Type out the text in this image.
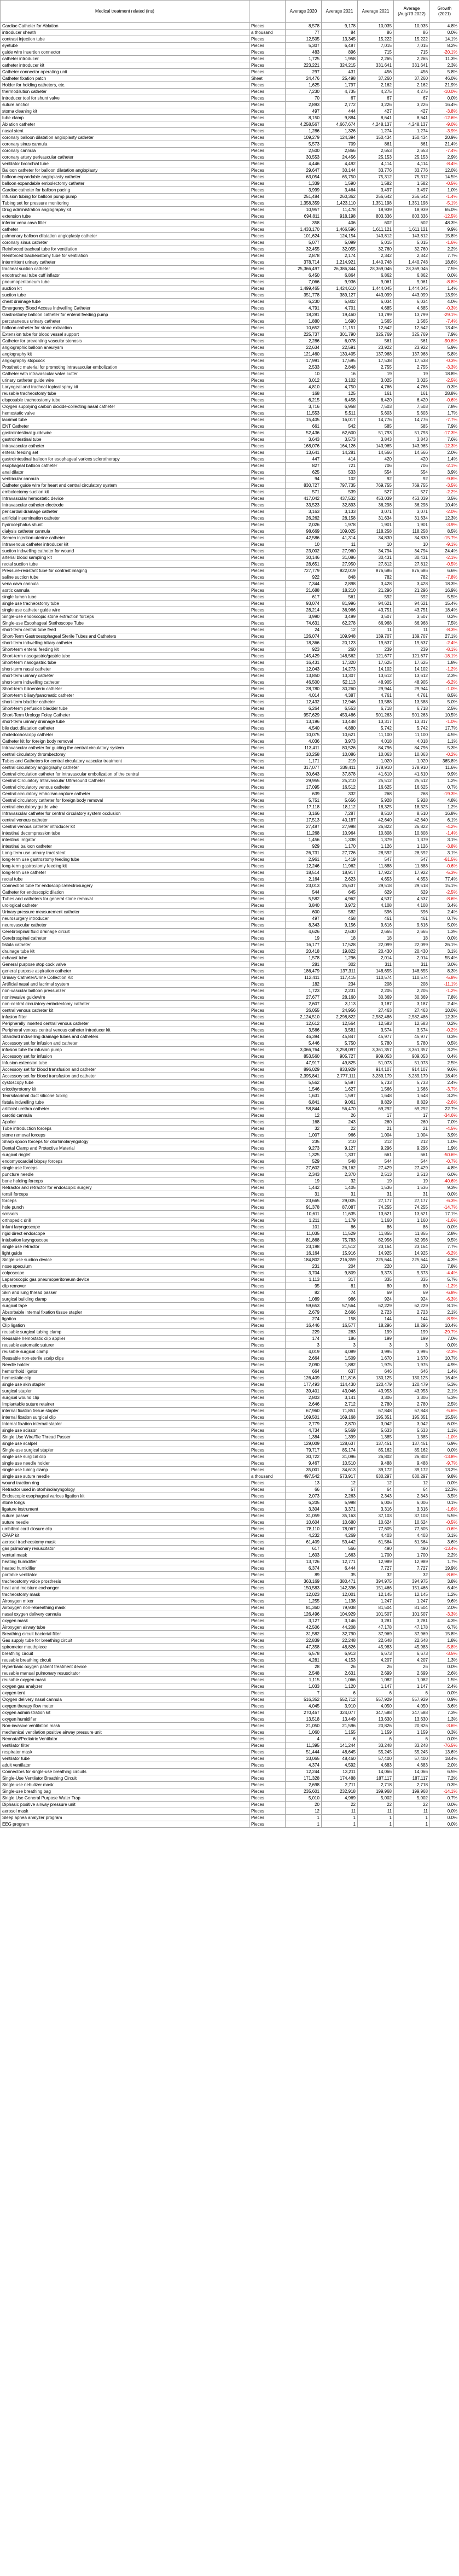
Medical treatment related (ins)		Average 2020	Average 2021	Average 2021	Average (Aug/73 2022)	Growth (2021)
Cardiac Catheter for Ablation	Pieces	8,578	9,178	10,035	10,035	4.8%
introducer sheath	a thousand	77	84	86	86	0.0%
contrast injection tube	Pieces	12,505	13,345	15,222	15,222	14.1%
eyetube	Pieces	5,307	6,487	7,015	7,015	8.2%
guide wire insertion connector	Pieces	483	896	715	715	-20.1%
catheter introducer	Pieces	1,725	1,958	2,265	2,265	11.3%
catheter introducer kit	Pieces	223,221	324,215	331,641	331,641	2.3%
Catheter connector operating unit	Pieces	297	431	456	456	5.8%
Catheter fixation patch	Sheet	24,476	25,498	37,260	37,260	46.0%
Holder for holding catheters, etc.	Pieces	1,625	1,797	2,162	2,162	21.9%
thermodilution catheter	Pieces	7,230	4,735	4,275	4,275	-10.0%
introducer tool for shunt valve	Pieces	70	67	67	67	0.0%
suture anchor	Pieces	2,893	2,772	3,226	3,226	16.4%
stoma cleaning kit	Pieces	497	444	427	427	-3.8%
tube clamp	Pieces	8,150	9,884	8,641	8,641	-12.6%
Ablation catheter	Pieces	4,258,567	4,667,674	4,248,137	4,248,137	-9.0%
nasal stent	Pieces	1,286	1,326	1,274	1,274	-3.9%
coronary balloon dilatation angioplasty catheter	Pieces	109,279	124,394	150,434	150,434	20.9%
coronary sinus cannula	Pieces	5,573	709	861	861	21.4%
coronary cannula	Pieces	2,500	2,866	2,653	2,653	-7.4%
coronary artery perivascular catheter	Pieces	30,553	24,456	25,153	25,153	2.9%
ventilator bronchial tube	Pieces	4,446	4,492	4,114	4,114	-8.4%
Balloon catheter for balloon dilatation angioplasty	Pieces	29,647	30,144	33,776	33,776	12.0%
balloon expandable angioplasty catheter	Pieces	63,054	65,750	75,312	75,312	14.5%
balloon expandable embolectomy catheter	Pieces	1,339	1,590	1,582	1,582	-0.5%
Cardiac catheter for balloon pacing	Pieces	3,999	3,464	3,497	3,497	1.0%
Infusion tubing for balloon pump pump	Pieces	251,484	260,362	256,642	256,642	-1.4%
Tubing set for pressure monitoring	Pieces	1,358,359	1,423,110	1,351,198	1,351,198	-5.1%
Drug administration angiography kit	Pieces	10,957	11,478	18,939	18,939	65.0%
extension tube	Pieces	694,811	918,198	803,336	803,336	-12.5%
inferior vena cava filter	Pieces	358	406	602	602	48.3%
catheter	Pieces	1,433,170	1,466,596	1,611,121	1,611,121	9.9%
pulmonary balloon dilatation angioplasty catheter	Pieces	101,624	124,154	143,812	143,812	15.8%
coronary sinus catheter	Pieces	5,077	5,099	5,015	5,015	-1.6%
Reinforced tracheal tube for ventilation	Pieces	32,455	32,055	32,760	32,760	2.2%
Reinforced tracheostomy tube for ventilation	Pieces	2,878	2,174	2,342	2,342	7.7%
intermittent urinary catheter	Pieces	378,714	1,214,921	1,440,748	1,440,748	18.6%
tracheal suction catheter	Pieces	25,366,497	26,386,344	28,369,046	28,369,046	7.5%
endotracheal tube cuff inflator	Pieces	6,450	6,864	6,862	6,862	0.0%
pneumoperitoneum tube	Pieces	7,066	9,936	9,061	9,061	-8.8%
suction kit	Pieces	1,499,465	1,424,610	1,444,045	1,444,045	1.4%
suction tube	Pieces	351,778	389,127	443,099	443,099	13.9%
chest drainage tube	Pieces	6,230	5,802	6,034	6,034	4.0%
Emergency Blood Access Indwelling Catheter	Pieces	4,791	4,701	4,685	4,685	-0.3%
Gastrostomy balloon catheter for enteral feeding pump	Pieces	18,281	19,460	13,799	13,799	-29.1%
percutaneous urinary catheter	Pieces	1,880	1,690	1,565	1,565	-7.4%
balloon catheter for stone extraction	Pieces	10,652	11,151	12,642	12,642	13.4%
Extension tube for blood vessel support	Pieces	225,737	301,790	325,769	325,769	7.9%
Catheter for preventing vascular stenosis	Pieces	2,286	6,078	561	561	-90.8%
angiographic balloon aneurysm	Pieces	22,634	22,591	23,922	23,922	5.9%
angiography kit	Pieces	121,460	130,405	137,968	137,968	5.8%
angiography stopcock	Pieces	17,991	17,595	17,538	17,538	-0.3%
Prosthetic material for promoting intravascular embolization	Pieces	2,533	2,848	2,755	2,755	-3.3%
Catheter with intravascular valve cutter	Pieces	10	16	19	19	18.8%
urinary catheter guide wire	Pieces	3,012	3,102	3,025	3,025	-2.5%
Laryngeal and tracheal topical spray kit	Pieces	4,810	4,750	4,766	4,766	0.3%
reusable tracheostomy tube	Pieces	168	125	161	161	28.8%
disposable tracheostomy tube	Pieces	6,215	6,458	6,420	6,420	-0.6%
Oxygen supplying carbon dioxide-collecting nasal catheter	Pieces	3,716	6,958	7,503	7,503	7.8%
hemostatic valve	Pieces	11,553	5,511	5,603	5,603	1.7%
lacrimal tube	Pieces	15,405	16,017	14,776	14,776	-7.7%
ENT Catheter	Pieces	661	542	585	585	7.9%
gastrointestinal guidewire	Pieces	52,436	62,600	51,793	51,793	-17.3%
gastrointestinal tube	Pieces	3,643	3,573	3,843	3,843	7.6%
Intravascular catheter	Pieces	168,076	164,126	143,965	143,965	-12.3%
enteral feeding set	Pieces	13,641	14,281	14,566	14,566	2.0%
gastrointestinal balloon for esophageal varices sclerotherapy	Pieces	447	414	420	420	1.4%
esophageal balloon catheter	Pieces	827	721	706	706	-2.1%
anal dilator	Pieces	625	533	554	554	3.9%
ventricular cannula	Pieces	94	102	92	92	-9.8%
Catheter guide wire for heart and central circulatory system	Pieces	830,727	797,735	769,755	769,755	-3.5%
embolectomy suction kit	Pieces	571	539	527	527	-2.2%
Intravascular hemostatic device	Pieces	417,042	437,532	453,039	453,039	3.5%
Intravascular catheter electrode	Pieces	33,523	32,893	36,298	36,298	10.4%
pericardial drainage catheter	Pieces	3,163	3,133	3,071	3,071	-2.0%
artificial insemination catheter	Pieces	26,262	28,158	31,634	31,634	12.3%
hydrocephalus shunt	Pieces	2,026	1,978	1,901	1,901	-3.9%
dialysis catheter cannula	Pieces	98,669	109,025	118,258	118,258	8.5%
Semen injection uterine catheter	Pieces	42,586	41,314	34,830	34,830	-15.7%
Intravenous catheter introducer kit	Pieces	10	11	10	10	-9.1%
suction indwelling catheter for wound	Pieces	23,002	27,960	34,794	34,794	24.4%
arterial blood sampling kit	Pieces	30,146	31,086	30,431	30,431	-2.1%
rectal suction tube	Pieces	28,651	27,950	27,812	27,812	-0.5%
Pressure-resistant tube for contrast imaging	Pieces	727,779	822,019	876,686	876,686	6.6%
saline suction tube	Pieces	922	848	782	782	-7.8%
vena cava cannula	Pieces	7,344	2,898	3,428	3,428	18.3%
aortic cannula	Pieces	21,688	18,210	21,296	21,296	16.9%
single lumen tube	Pieces	617	561	592	592	5.5%
single use tracheostomy tube	Pieces	93,074	81,996	94,621	94,621	15.4%
single use catheter guide wire	Pieces	28,214	36,966	43,751	43,751	18.4%
Single-use endoscopic stone extraction forceps	Pieces	3,990	3,499	3,507	3,507	0.2%
Single-use Esophageal Stethoscope Tube	Pieces	74,631	62,278	66,968	66,968	7.5%
short-term central tube feed	Pieces	24	12	11	11	-8.3%
Short-Term Gastroesophageal Sterile Tubes and Catheters	Pieces	126,074	109,948	139,707	139,707	27.1%
short-term indwelling biliary catheter	Pieces	18,366	20,123	19,637	19,637	-2.4%
Short-term enteral feeding kit	Pieces	923	260	239	239	-8.1%
Short-term nasogastric/gastric tube	Pieces	145,429	148,562	121,677	121,677	-18.1%
Short-term nasogastric tube	Pieces	16,431	17,320	17,625	17,625	1.8%
short-term nasal catheter	Pieces	12,043	14,273	14,102	14,102	-1.2%
short-term urinary catheter	Pieces	13,850	13,307	13,612	13,612	2.3%
short-term indwelling catheter	Pieces	46,500	52,113	48,905	48,905	-6.2%
Short-term bilioenteric catheter	Pieces	28,780	30,260	29,944	29,944	-1.0%
Short-term biliary/pancreatic catheter	Pieces	4,014	4,387	4,761	4,761	8.5%
short-term bladder catheter	Pieces	12,432	12,946	13,588	13,588	5.0%
Short-term perfusion bladder tube	Pieces	6,264	6,553	6,718	6,718	2.5%
Short-Term Urology Foley Catheter	Pieces	957,629	453,486	501,263	501,263	10.5%
short-term urinary drainage tube	Pieces	13,196	13,448	13,317	13,317	-1.0%
bile duct dilatation catheter	Pieces	4,540	4,880	5,742	5,742	17.7%
choledochoscopy catheter	Pieces	10,075	10,621	11,100	11,100	4.5%
Catheter kit for foreign body removal	Pieces	4,036	3,973	4,018	4,018	1.1%
Intravascular catheter for guiding the central circulatory system	Pieces	113,411	80,526	84,796	84,796	5.3%
central circulatory thrombectomy	Pieces	10,258	10,086	10,063	10,063	-0.2%
Tubes and Catheters for central circulatory vascular treatment	Pieces	1,171	219	1,020	1,020	365.8%
central circulatory angiography catheter	Pieces	317,077	339,411	378,910	378,910	11.6%
Central circulation catheter for intravascular embolization of the central	Pieces	30,643	37,878	41,610	41,610	9.9%
Central Circulatory Intravascular Ultrasound Catheter	Pieces	29,955	25,210	25,512	25,512	1.2%
Central circulatory venous catheter	Pieces	17,095	16,512	16,625	16,625	0.7%
Central circulatory embolism capture catheter	Pieces	639	332	268	268	-19.3%
Central circulatory catheter for foreign body removal	Pieces	5,751	5,656	5,928	5,928	4.8%
central circulatory guide wire	Pieces	17,118	18,112	18,325	18,325	1.2%
Intravascular catheter for central circulatory system occlusion	Pieces	3,166	7,287	8,510	8,510	16.8%
central venous catheter	Pieces	17,513	40,187	42,640	42,640	6.1%
Central venous catheter introducer kit	Pieces	27,487	27,998	26,822	26,822	-4.2%
intestinal decompression tube	Pieces	11,268	10,964	10,808	10,808	-1.4%
intestinal irrigator	Pieces	1,456	1,338	1,379	1,379	3.1%
intestinal balloon catheter	Pieces	929	1,170	1,126	1,126	-3.8%
Long-term use urinary tract stent	Pieces	26,731	27,726	28,592	28,592	3.1%
long-term use gastrostomy feeding tube	Pieces	2,961	1,419	547	547	-61.5%
long-term gastrostomy feeding kit	Pieces	12,246	11,962	11,888	11,888	-0.6%
long-term use catheter	Pieces	18,514	18,917	17,922	17,922	-5.3%
rectal tube	Pieces	2,164	2,623	4,653	4,653	77.4%
Connection tube for endoscopic/electrosurgery	Pieces	23,013	25,637	29,518	29,518	15.1%
Catheter for endoscopic dilation	Pieces	544	645	629	629	-2.5%
Tubes and catheters for general stone removal	Pieces	5,582	4,962	4,537	4,537	-8.6%
urological catheter	Pieces	3,840	3,972	4,108	4,108	3.4%
Urinary pressure measurement catheter	Pieces	600	582	596	596	2.4%
neurosurgery introducer	Pieces	497	458	461	461	0.7%
neurovascular catheter	Pieces	8,343	9,156	9,616	9,616	5.0%
Cerebrospinal fluid drainage circuit	Pieces	4,626	2,630	2,665	2,665	1.3%
Cerebrospinal catheter	Pieces	19	18	18	18	0.0%
fistula catheter	Pieces	16,177	17,528	22,099	22,099	26.1%
drainage tube kit	Pieces	20,418	19,822	20,430	20,430	3.1%
exhaust tube	Pieces	1,578	1,296	2,014	2,014	55.4%
General purpose stop cock valve	Pieces	281	302	311	311	3.0%
general purpose aspiration catheter	Pieces	186,479	137,311	148,655	148,655	8.3%
Urinary Catheter/Urine Collection Kit	Pieces	112,411	117,415	110,574	110,574	-5.8%
Artificial nasal and lacrimal system	Pieces	182	234	208	208	-11.1%
non-vascular balloon pressurizer	Pieces	1,723	2,231	2,205	2,205	-1.2%
noninvasive guidewire	Pieces	27,677	28,160	30,369	30,369	7.8%
non-central circulatory embolectomy catheter	Pieces	2,607	3,113	3,187	3,187	2.4%
central venous catheter kit	Pieces	26,055	24,956	27,463	27,463	10.0%
infusion filter	Pieces	2,124,510	2,298,822	2,582,486	2,582,486	12.3%
Peripherally inserted central venous catheter	Pieces	12,612	12,564	12,583	12,583	0.2%
Peripheral venous central venous catheter introducer kit	Pieces	3,566	3,581	3,574	3,574	-0.2%
Standard indwelling drainage tubes and catheters	Pieces	46,394	45,847	45,977	45,977	0.3%
Accessory set for infusion and catheter	Pieces	5,446	5,750	5,780	5,780	0.5%
infusion tube for infusion pump	Pieces	3,066,764	3,258,097	3,361,357	3,361,357	3.2%
Accessory set for infusion	Pieces	853,560	905,727	909,053	909,053	0.4%
Infusion extension tube	Pieces	47,917	49,825	51,073	51,073	2.5%
Accessory set for blood transfusion and catheter	Pieces	896,029	833,929	914,107	914,107	9.6%
Accessory set for blood transfusion and catheter	Pieces	2,395,841	2,777,111	3,289,179	3,289,179	18.4%
cystoscopy tube	Pieces	5,562	5,597	5,733	5,733	2.4%
cricothyrotomy kit	Pieces	1,546	1,627	1,566	1,566	-3.7%
Tears/lacrimal duct silicone tubing	Pieces	1,631	1,597	1,648	1,648	3.2%
fistula indwelling tube	Pieces	6,841	9,061	8,829	8,829	-2.6%
artificial urethra catheter	Pieces	58,844	56,470	69,292	69,292	22.7%
carotid cannula	Pieces	12	26	17	17	-34.6%
Applier	Pieces	168	243	260	260	7.0%
Tube introduction forceps	Pieces	32	22	21	21	-4.5%
stone removal forceps	Pieces	1,007	966	1,004	1,004	3.9%
Sharp spoon forceps for otorhinolaryngology	Pieces	235	210	212	212	1.0%
Dental Clamp and Protective Material	Pieces	9,273	9,127	9,296	9,296	1.9%
surgical ringlet	Pieces	1,325	1,337	661	661	-50.6%
endomyocardial biopsy forceps	Pieces	529	548	544	544	-0.7%
single use forceps	Pieces	27,602	26,162	27,429	27,429	4.8%
puncture needle	Pieces	2,343	2,370	2,513	2,513	6.0%
bone holding forceps	Pieces	19	32	19	19	-40.6%
Retractor and retractor for endoscopic surgery	Pieces	1,442	1,405	1,536	1,536	9.3%
tonsil forceps	Pieces	31	31	31	31	0.0%
forceps	Pieces	23,665	29,005	27,177	27,177	-6.3%
hole punch	Pieces	91,378	87,087	74,255	74,255	-14.7%
scissors	Pieces	10,611	11,635	13,621	13,621	17.1%
orthopedic drill	Pieces	1,211	1,179	1,160	1,160	-1.6%
infant laryngoscope	Pieces	101	86	86	86	0.0%
rigid direct endoscope	Pieces	11,035	11,529	11,855	11,855	2.8%
intubation laryngoscope	Pieces	81,868	75,783	82,956	82,956	9.5%
single use retractor	Pieces	23,198	21,512	23,164	23,164	7.7%
light guide	Pieces	16,164	15,916	14,925	14,925	-6.2%
Single-use suction device	Pieces	184,802	216,359	225,644	225,644	4.3%
nose speculum	Pieces	231	204	220	220	7.8%
colposcope	Pieces	3,704	9,809	9,373	9,373	-4.4%
Laparoscopic gas pneumoperitoneum device	Pieces	1,113	317	335	335	5.7%
clip remover	Pieces	95	81	80	80	-1.2%
Skin and lung thread passer	Pieces	82	74	69	69	-6.8%
surgical building clamp	Pieces	1,089	986	924	924	-6.3%
surgical tape	Pieces	59,653	57,564	62,229	62,229	8.1%
Absorbable internal fixation tissue stapler	Pieces	2,679	2,666	2,723	2,723	2.1%
ligation	Pieces	274	158	144	144	-8.9%
Clip ligation	Pieces	16,446	16,577	18,296	18,296	10.4%
reusable surgical tubing clamp	Pieces	229	283	199	199	-29.7%
Reusable hemostatic clip applier	Pieces	174	186	199	199	7.0%
reusable automatic suturer	Pieces	3	3	3	3	0.0%
reusable surgical clamp	Pieces	4,019	4,089	3,995	3,995	-2.3%
Reusable non-sterile scalp clips	Pieces	2,664	1,509	1,670	1,670	10.7%
Needle holder	Pieces	2,090	1,882	1,975	1,975	4.9%
hemorrhoid ligator	Pieces	664	637	646	646	1.4%
hemostatic clip	Pieces	126,409	111,816	130,125	130,125	16.4%
single use skin stapler	Pieces	177,493	114,430	120,479	120,479	5.3%
surgical stapler	Pieces	39,401	43,046	43,953	43,953	2.1%
surgical wound clip	Pieces	2,803	3,141	3,306	3,306	5.3%
Implantable suture retainer	Pieces	2,646	2,712	2,780	2,780	2.5%
internal fixation tissue stapler	Pieces	67,960	71,851	67,848	67,848	-5.6%
internal fixation surgical clip	Pieces	169,501	169,168	195,351	195,351	15.5%
Internal fixation internal stapler	Pieces	2,779	2,870	3,042	3,042	6.0%
single use scissor	Pieces	4,734	5,569	5,633	5,633	1.1%
Single Use Wire/Tie Thread Passer	Pieces	1,384	1,399	1,385	1,385	-1.0%
single use scalpel	Pieces	129,009	128,637	137,451	137,451	6.9%
Single-use surgical stapler	Pieces	79,717	85,174	85,162	85,162	0.0%
single use surgical clip	Pieces	30,722	31,096	26,802	26,802	-13.8%
single use needle holder	Pieces	9,467	10,510	9,488	9,488	-9.7%
single use tubing clamp	Pieces	35,001	34,613	39,172	39,172	13.2%
single use suture needle	a thousand	497,542	573,917	630,297	630,297	9.8%
wound traction ring	Pieces	13	12	12	12	0.0%
Retractor used in otorhinolaryngology	Pieces	66	57	64	64	12.3%
Endoscopic esophageal varices ligation kit	Pieces	2,073	2,263	2,343	2,343	3.5%
stone tongs	Pieces	6,205	5,998	6,006	6,006	0.1%
ligature instrument	Pieces	3,304	3,371	3,316	3,316	-1.6%
suture passer	Pieces	31,059	35,163	37,103	37,103	5.5%
suture needle	Pieces	10,604	10,680	10,624	10,624	-0.5%
umbilical cord closure clip	Pieces	78,110	78,067	77,605	77,605	-0.6%
CPAP kit	Pieces	4,232	4,269	4,403	4,403	3.1%
aerosol tracheostomy mask	Pieces	61,409	59,442	61,564	61,564	3.6%
gas pulmonary resuscitator	Pieces	617	566	490	490	-13.4%
venturi mask	Pieces	1,603	1,663	1,700	1,700	2.2%
heating humidifier	Pieces	13,726	12,771	12,989	12,989	1.7%
heated humidifier	Pieces	6,374	6,444	7,727	7,727	19.9%
portable ventilator	Pieces	89	35	32	32	-8.6%
tracheostomy voice prosthesis	Pieces	363,169	380,471	394,975	394,975	3.8%
heat and moisture exchanger	Pieces	150,583	142,396	151,466	151,466	6.4%
tracheostomy mask	Pieces	12,023	12,001	12,145	12,145	1.2%
Airoxygen mixer	Pieces	1,255	1,138	1,247	1,247	9.6%
Airoxygen non-rebreathing mask	Pieces	81,360	79,938	81,504	81,504	2.0%
nasal oxygen delivery cannula	Pieces	126,496	104,929	101,507	101,507	-3.3%
oxygen mask	Pieces	3,127	3,146	3,281	3,281	4.3%
Airoxygen airway tube	Pieces	42,506	44,208	47,178	47,178	6.7%
Breathing circuit bacterial filter	Pieces	31,582	32,790	37,969	37,969	15.8%
Gas supply tube for breathing circuit	Pieces	22,839	22,248	22,648	22,648	1.8%
spirometer mouthpiece	Pieces	47,358	48,826	45,983	45,983	-5.8%
breathing circuit	Pieces	6,578	6,913	6,673	6,673	-3.5%
reusable breathing circuit	Pieces	4,281	4,153	4,207	4,207	1.3%
Hyperbaric oxygen patient treatment device	Pieces	28	26	26	26	0.0%
reusable manual pulmonary resuscitator	Pieces	2,548	2,631	2,699	2,699	2.6%
reusable oxygen mask	Pieces	1,115	1,066	1,082	1,082	1.5%
oxygen gas analyzer	Pieces	1,033	1,120	1,147	1,147	2.4%
oxygen tent	Pieces	7	6	6	6	0.0%
Oxygen delivery nasal cannula	Pieces	516,352	552,712	557,929	557,929	0.9%
oxygen therapy flow meter	Pieces	4,045	3,910	4,050	4,050	3.6%
oxygen administration kit	Pieces	270,467	324,077	347,588	347,588	7.3%
oxygen humidifier	Pieces	13,518	13,449	13,630	13,630	1.3%
Non-invasive ventilation mask	Pieces	21,050	21,596	20,826	20,826	-3.6%
mechanical ventilation positive airway pressure unit	Pieces	1,060	1,155	1,159	1,159	0.3%
Neonatal/Pediatric Ventilator	Pieces	4	6	6	6	0.0%
ventilator filter	Pieces	11,395	141,244	33,248	33,248	-76.5%
respirator mask	Pieces	51,444	48,645	55,245	55,245	13.6%
ventilator tube	Pieces	33,065	48,460	57,400	57,400	18.4%
adult ventilator	Pieces	4,374	4,592	4,683	4,683	2.0%
Connectors for single-use breathing circuits	Pieces	12,244	13,211	14,066	14,066	6.5%
Single-Use Ventilator Breathing Circuit	Pieces	171,328	174,488	187,117	187,117	7.2%
Single-use nebulizer mask	Pieces	2,698	2,711	2,718	2,718	0.3%
Single-use breathing bag	Pieces	235,601	232,918	199,968	199,968	-14.1%
Single Use General Purpose Water Trap	Pieces	5,010	4,969	5,002	5,002	0.7%
Diphasic positive airway pressure unit	Pieces	20	22	22	22	0.0%
aerosol mask	Pieces	12	11	11	11	0.0%
Sleep apnea analyzer program	Pieces	1	1	1	1	0.0%
EEG program	Pieces	1	1	1	1	0.0%
